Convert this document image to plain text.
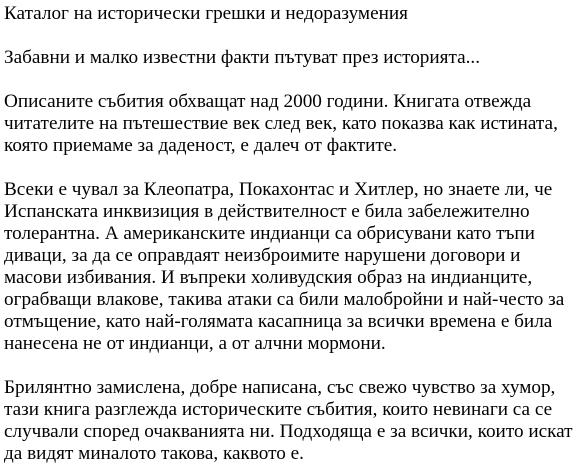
Каталог на исторически грешки и недоразумения

Забавни и малко известни факти пътуват през историята...

Описаните събития обхващат над 2000 години. Книгата отвежда
читателите на пътешествие век след век, като показва как истината,
която приемаме за даденост, е далеч от фактите.

Всеки е чувал за Клеопатра, Покахонтас и Хитлер, но знаете ли, че
Испанската инквизиция в действителност е била забележително
толерантна. А американските индианци са обрисувани като тъпи
диваци, за да се оправдаят неизброимите нарушени договори и
масови избивания. И въпреки холивудския образ на индианците,
ограбващи влакове, такива атаки са били малобройни и най-често за
отмъщение, като най-голямата касапница за всички времена е била
нанесена не от индианци, а от алчни мормони.

Брилянтно замислена, добре написана, със свежо чувство за хумор,
тази книга разглежда историческите събития, които невинаги са се
случвали според очакванията ни. Подходяща е за всички, които искат
да видят миналото такова, каквото е.
